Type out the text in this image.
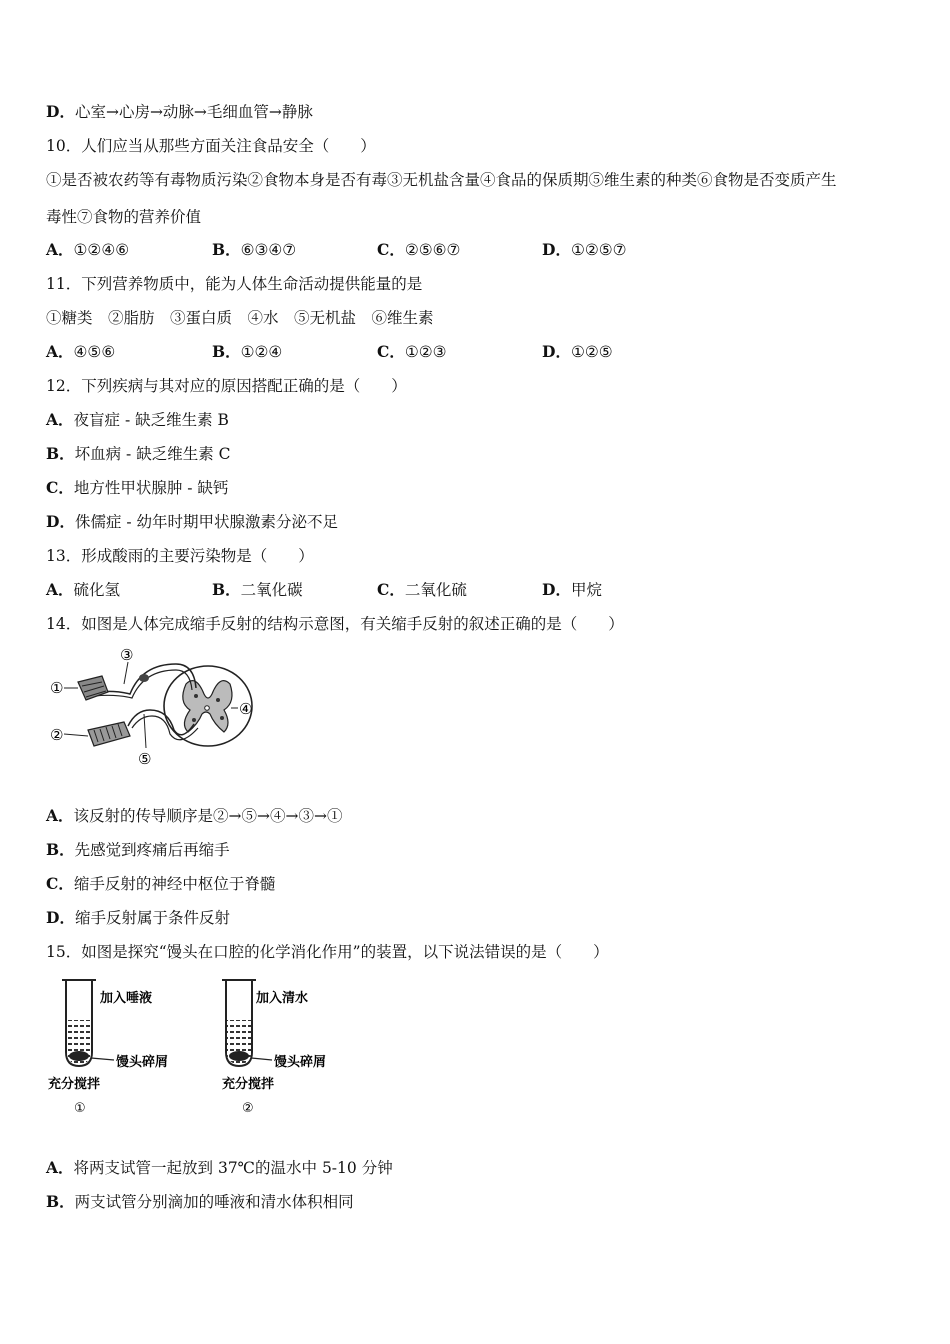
D．心室→心房→动脉→毛细血管→静脉
10．人们应当从那些方面关注食品安全（　　）
①是否被农药等有毒物质污染②食物本身是否有毒③无机盐含量④食品的保质期⑤维生素的种类⑥食物是否变质产生
毒性⑦食物的营养价值
A．①②④⑥	B．⑥③④⑦	C．②⑤⑥⑦	D．①②⑤⑦
11．下列营养物质中，能为人体生命活动提供能量的是
①糖类　②脂肪　③蛋白质　④水　⑤无机盐　⑥维生素
A．④⑤⑥	B．①②④	C．①②③	D．①②⑤
12．下列疾病与其对应的原因搭配正确的是（　　）
A．夜盲症 - 缺乏维生素 B
B．坏血病 - 缺乏维生素 C
C．地方性甲状腺肿 - 缺钙
D．侏儒症 - 幼年时期甲状腺激素分泌不足
13．形成酸雨的主要污染物是（　　）
A．硫化氢	B．二氧化碳	C．二氧化硫	D．甲烷
14．如图是人体完成缩手反射的结构示意图，有关缩手反射的叙述正确的是（　　）
①
②
③
④
⑤
A．该反射的传导顺序是②→⑤→④→③→①
B．先感觉到疼痛后再缩手
C．缩手反射的神经中枢位于脊髓
D．缩手反射属于条件反射
15．如图是探究“馒头在口腔的化学消化作用”的装置，以下说法错误的是（　　）
加入唾液
馒头碎屑
充分搅拌
①
加入清水
馒头碎屑
充分搅拌
②
A．将两支试管一起放到 37℃的温水中 5-10 分钟
B．两支试管分别滴加的唾液和清水体积相同
